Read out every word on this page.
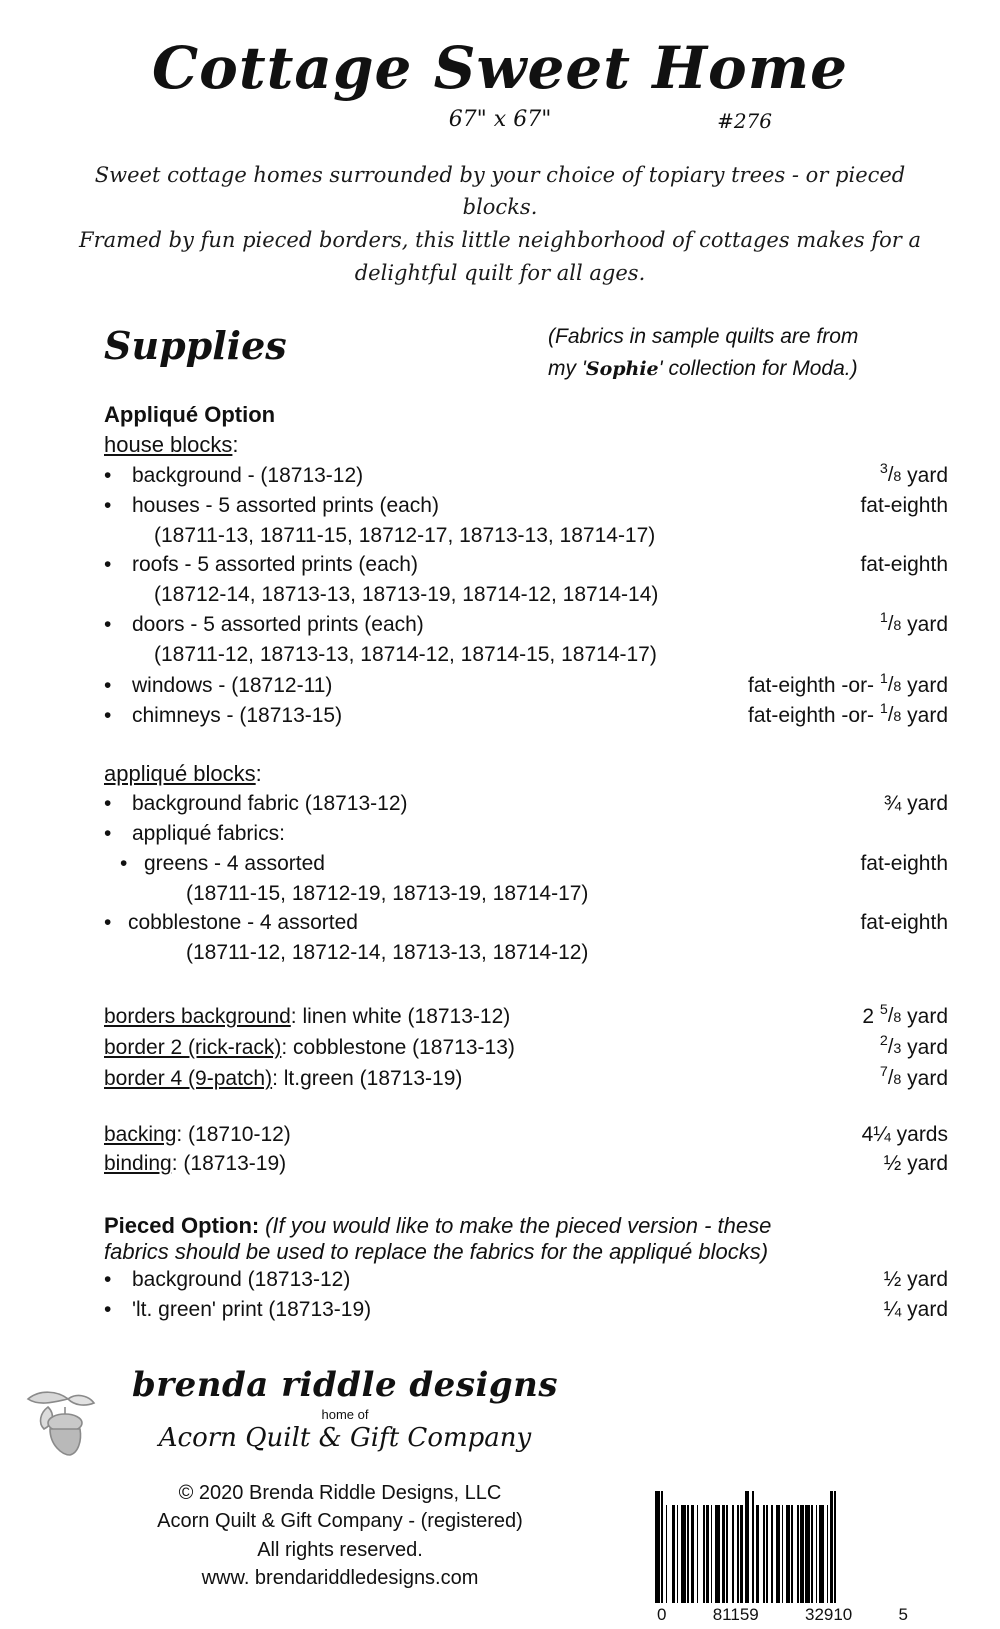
Cottage Sweet Home
67" x 67"	#276
Sweet cottage homes surrounded by your choice of topiary trees - or pieced blocks.
Framed by fun pieced borders, this little neighborhood of cottages makes for a
delightful quilt for all ages.
Supplies	(Fabrics in sample quilts are from
my 'Sophie' collection for Moda.)
Appliqué Option
house blocks:
• background - (18713-12)	$^3$/8 yard
• houses - 5 assorted prints (each)	fat-eighth
(18711-13, 18711-15, 18712-17, 18713-13, 18714-17)
• roofs - 5 assorted prints (each)	fat-eighth
(18712-14, 18713-13, 18713-19, 18714-12, 18714-14)
• doors - 5 assorted prints (each)	$^1$/8 yard
(18711-12, 18713-13, 18714-12, 18714-15, 18714-17)
• windows - (18712-11)	fat-eighth -or- $^1$/8 yard
• chimneys - (18713-15)	fat-eighth -or- $^1$/8 yard
appliqué blocks:
• background fabric (18713-12)	¾ yard
• appliqué fabrics:
• greens - 4 assorted	fat-eighth
(18711-15, 18712-19, 18713-19, 18714-17)
• cobblestone - 4 assorted	fat-eighth
(18711-12, 18712-14, 18713-13, 18714-12)
borders background: linen white (18713-12)	2 $^5$/8 yard
border 2 (rick-rack): cobblestone (18713-13)	$^2$/3 yard
border 4 (9-patch): lt.green (18713-19)	$^7$/8 yard
backing: (18710-12)	4¼ yards
binding: (18713-19)	½ yard
Pieced Option: (If you would like to make the pieced version - these
fabrics should be used to replace the fabrics for the appliqué blocks)
• background (18713-12)	½ yard
• 'lt. green' print (18713-19)	¼ yard
brenda riddle designs
home of
Acorn Quilt & Gift Company
© 2020 Brenda Riddle Designs, LLC
Acorn Quilt & Gift Company - (registered)
All rights reserved.
www. brendariddledesigns.com
0	81159	32910	5
